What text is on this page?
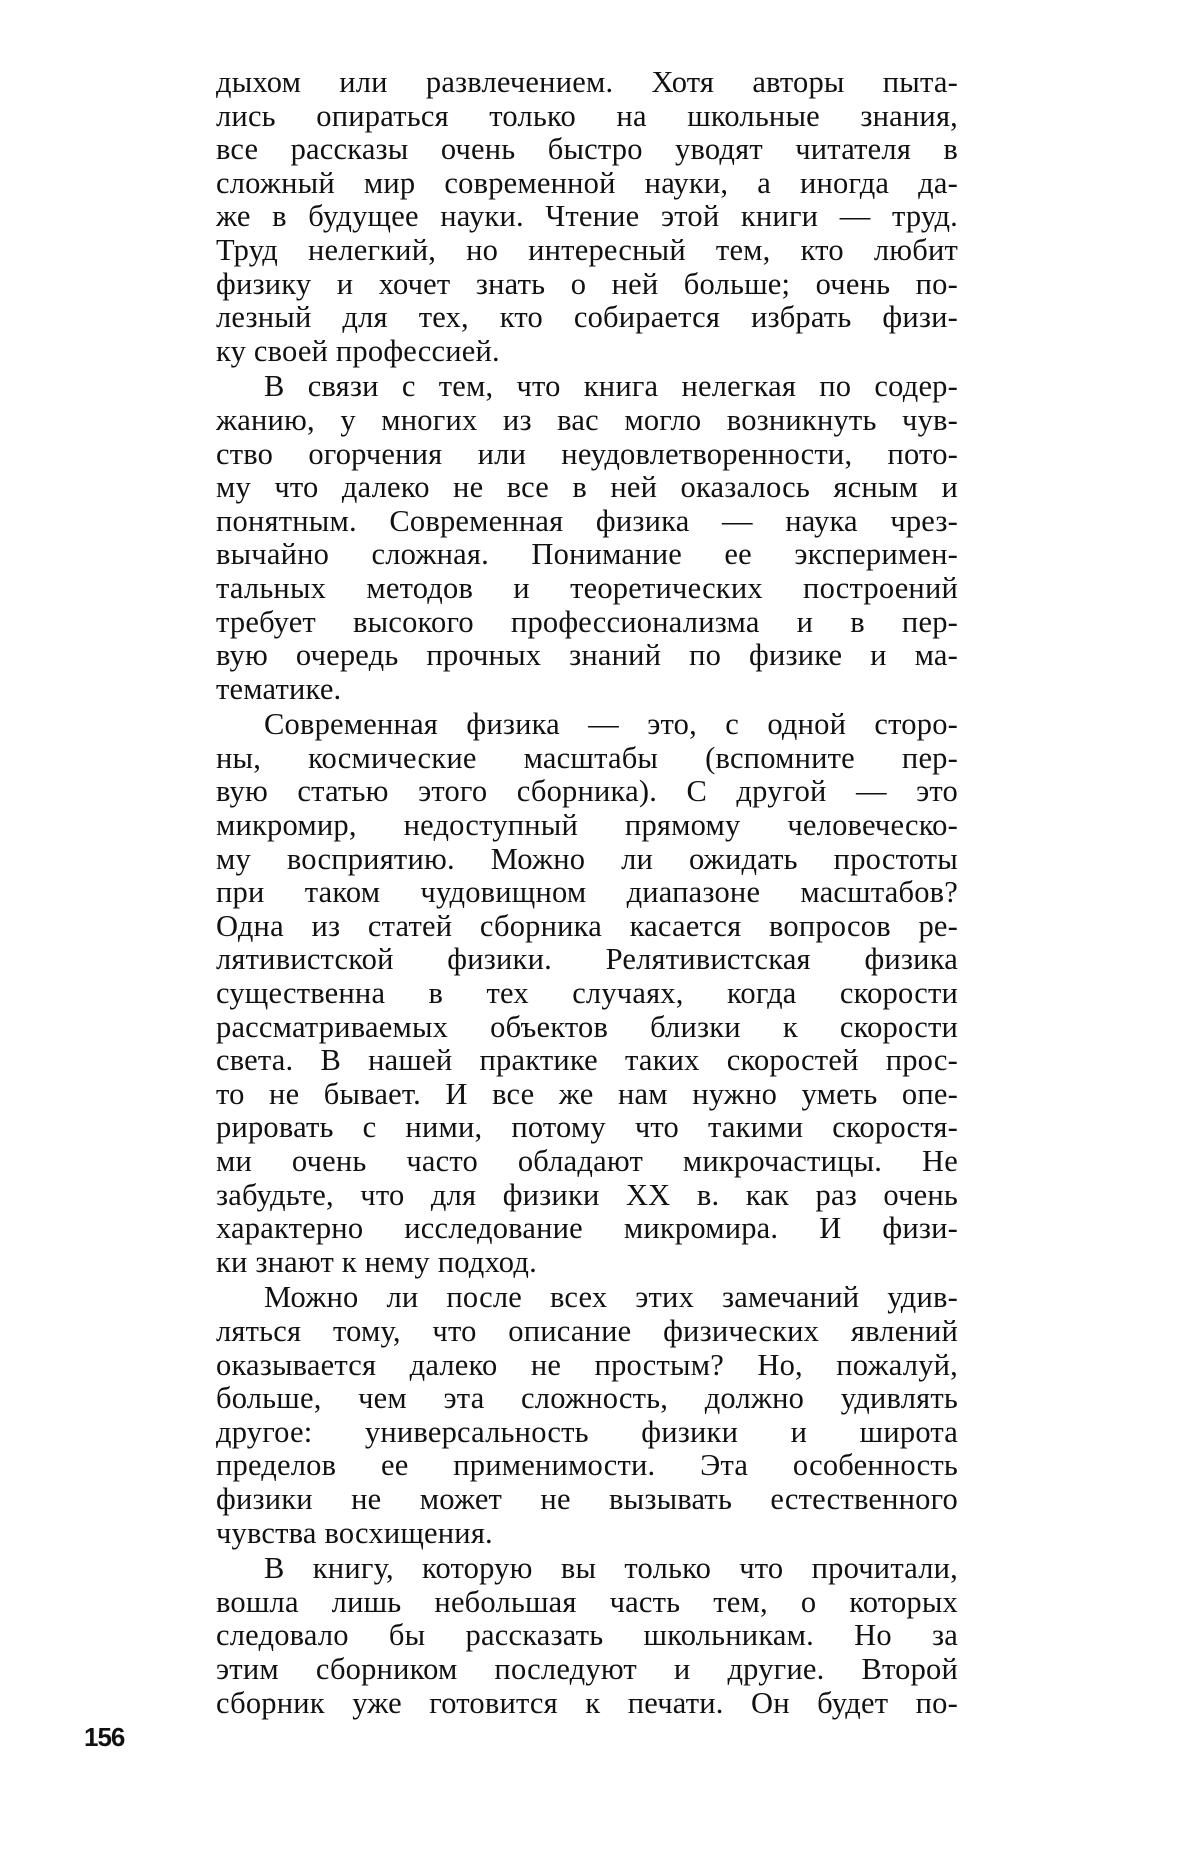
дыхом или развлечением. Хотя авторы пыта-
лись опираться только на школьные знания,
все рассказы очень быстро уводят читателя в
сложный мир современной науки, а иногда да-
же в будущее науки. Чтение этой книги — труд.
Труд нелегкий, но интересный тем, кто любит
физику и хочет знать о ней больше; очень по-
лезный для тех, кто собирается избрать физи-
ку своей профессией.
В связи с тем, что книга нелегкая по содер-
жанию, у многих из вас могло возникнуть чув-
ство огорчения или неудовлетворенности, пото-
му что далеко не все в ней оказалось ясным и
понятным. Современная физика — наука чрез-
вычайно сложная. Понимание ее эксперимен-
тальных методов и теоретических построений
требует высокого профессионализма и в пер-
вую очередь прочных знаний по физике и ма-
тематике.
Современная физика — это, с одной сторо-
ны, космические масштабы (вспомните пер-
вую статью этого сборника). С другой — это
микромир, недоступный прямому человеческо-
му восприятию. Можно ли ожидать простоты
при таком чудовищном диапазоне масштабов?
Одна из статей сборника касается вопросов ре-
лятивистской физики. Релятивистская физика
существенна в тех случаях, когда скорости
рассматриваемых объектов близки к скорости
света. В нашей практике таких скоростей прос-
то не бывает. И все же нам нужно уметь опе-
рировать с ними, потому что такими скоростя-
ми очень часто обладают микрочастицы. Не
забудьте, что для физики XX в. как раз очень
характерно исследование микромира. И физи-
ки знают к нему подход.
Можно ли после всех этих замечаний удив-
ляться тому, что описание физических явлений
оказывается далеко не простым? Но, пожалуй,
больше, чем эта сложность, должно удивлять
другое: универсальность физики и широта
пределов ее применимости. Эта особенность
физики не может не вызывать естественного
чувства восхищения.
В книгу, которую вы только что прочитали,
вошла лишь небольшая часть тем, о которых
следовало бы рассказать школьникам. Но за
этим сборником последуют и другие. Второй
сборник уже готовится к печати. Он будет по-
156
